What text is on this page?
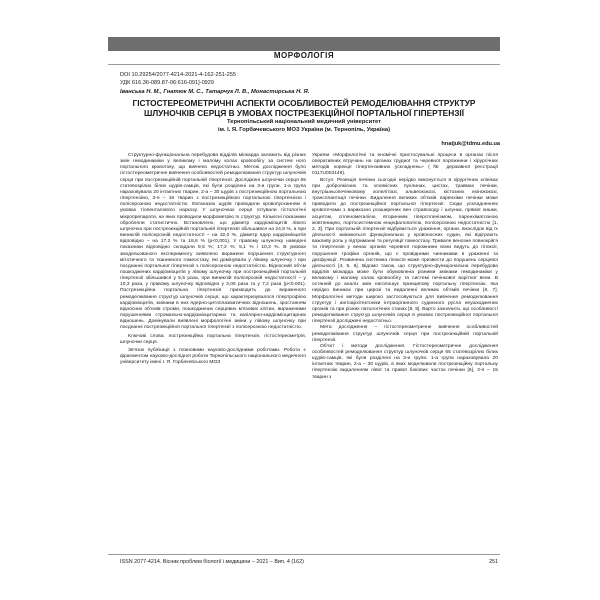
МОРФОЛОГІЯ
DOI 10.29254/2077-4214-2021-4-162-251-255
УДК 616.36-089.87-06:616-091]-0929
Іванська Н. М., Гнатюк М. С., Татарчук Л. В., Монастирська Н. Я.
ГІСТОСТЕРЕОМЕТРИЧНІ АСПЕКТИ ОСОБЛИВОСТЕЙ РЕМОДЕЛЮВАННЯ СТРУКТУР
ШЛУНОЧКІВ СЕРЦЯ В УМОВАХ ПОСТРЕЗЕКЦІЙНОЇ ПОРТАЛЬНОЇ ГІПЕРТЕНЗІЇ
Тернопільський національний медичний університет
ім. І. Я. Горбачевського МОЗ України (м. Тернопіль, Україна)
hnatjuk@tdmu.edu.ua

Структурно-функціональна перебудова відділів міокарда залежить від різних змін гемодинаміки у великому і малому колах кровообігу за систем ного портального кровотоку, що вивчено недостатньо. Метою дослідження було гістостереометричне вивчення особливостей ремоделювання структур шлуночків серця при пострезекційній портальній гіпертензії. Досліджені шлуночки серця 65 статевозрілих білих щурів-самців, які були розділені на 3-и групи. 1-а група нараховувала 20 інтактних тварин, 2-а – 30 щурів з пострезекційною портальною гіпертензією, 3-я – 15 тварин з пострезекційною портальною гіпертензією і полісерозною недостатністю. Евтаназію щурів проводили кровопусканням в умовах тіопенталового наркозу. У шлуночках серця готували гістологічні мікропрепарати, на яких проводили морфометрію їх структур. Кількісні показники обробляли статистично. Встановлено, що діаметр кардіоміоцитів лівого шлуночка при пострезекційній портальній гіпертензії збільшився на 24,8 %, а при виниклій полісерозній недостатності – на 32,0 %, діаметр ядер кардіоміоцитів відповідно – на 17,2 % та 18,6 % (p<0,001). У правому шлуночку наведені показники відповідно складали 9,5 %; 17,2 %; 5,1 % і 10,3 %. В умовах змодельованого експерименту виявлено виражене порушення структурного мітотичного та тканинного гомеостазу, які домінували у лівому шлуночку і при поєднанні портальної гіпертензії з полісерозною недостатністю. Відносний об'єм пошкоджених кардіоміоцитів у лівому шлуночку при пострезекційній портальній гіпертензії збільшився у 5,5 раза, при виниклій полісерозній недостатності – у 10,3 раза, у правому шлуночку відповідно у 3,05 раза та у 7,2 раза (p<0,001). Пострезекційна портальна гіпертензія призводить до вираженого ремоделювання структур шлуночків серця, що характеризувалося гіпертрофією кардіоміоцитів, змінами в них ядерно-цитоплазматичних відношень, зростанням відносних об'ємів строми, пошкоджених серцевих м'язових клітин, вираженими порушеннями стромально-кардіоміоцитарних та капілярно-кардіоміоцитарних відношень. Домінували виявлені морфологічні зміни у лівому шлуночку при поєднанні пострезекційної портальної гіпертензії з полісерозною недостатністю.

Ключові слова: пострезекційна портальна гіпертензія, гістостереометрія, шлуночки серця.

Зв'язок публікації з плановими науково-дослідними роботами. Робота є фрагментом науково-дослідної роботи Тернопільського національного медичного університету імені І. Я. Горбачевського МОЗ

України «Морфологічні та еномічні пристосувальні процеси в органах після оперативних втручань на органах грудної та черевної порожнини і хірургічних методів корекції гіпертензивних ускладнень» (№ державної реєстрації 0117U003149).

Вступ. Резекція печінки сьогодні нерідко виконується в хірургічних клініках при доброякісних та злоякісних пухлинах, цистах, травмах печінки, внутрішньопечінковому холелітіазі, альвеококозі, кістозних ехінококозі, трансплантації печінки. Видалення великих об'ємів паренхіми печінки може приводити до пострезекційної портальної гіпертензії. Сюди ускладненнях кровотечами з варикозно розширених вен стравоходу і шлунка, прямої кишки, асцитом, спленомегалією, вторинним гіперспленізмом, паренхіматозною жовтяницею, портосистемною енцефалопатією, полісерозною недостатністю [1, 2, 3]. При портальній гіпертензії відбувається ураження, органи, внаслідок від їх діяльності змінюються функціональна у кровоносних судин, які відіграють важливу роль у підтриманні та регуляції гомеостазу. Тривале венозне повнокрів'я та гіпертензія у венах органів черевної порожнини вони ведуть до гіпоксії, порушення трофіки органів, що є провідними чинниками в ураженні та дисфункції. Розвинена системна гіпоксія може призвести до порушень серцевої діяльності [4, 5, 6]. Відомо також, що структурно-функціональна перебудова відділів міокарда може бути обумовлена різними змінами гемодинаміки у великому і малому колах кровообігу та системі печінкової ворітної вени. В останній до аналіз змін наголошує принципову портальну гіпертензію, яка нерідко виникає при цирозі та видаленні великих об'ємів печінки [6, 7]. Морфологічні методи широко застосовуються для вивчення ремоделювання структур і ангіоархітектоніки інтраорганного судинного русла неушкоджених органів та при різних патологічних станах [8, 9]. Варто зазначити, що особливості ремоделювання структур шлуночків серця в умовах пострезекційної портальної гіпертензії досліджені недостатньо.

Мета дослідження – гістостереометричне вивчення особливостей ремоделювання структур шлуночків серця при пострезекційній портальній гіпертензії.

Об'єкт і методи дослідження. Гістостереометричне дослідження особливостей ремоделювання структур шлуночків серця 65 статевозрілих білих щурів-самців, які були розділені на 3-и групи. 1-а група нараховувала 20 інтактних тварин, 2-а – 30 щурів, в яких моделювали пострезекційну портальну гіпертензію видаленням лівої та правої бокових часток печінки [6], 3-я – 15 тварин з

ISSN 2077-4214. Вісник проблем біології і медицини – 2021 – Вип. 4 (162)	251
